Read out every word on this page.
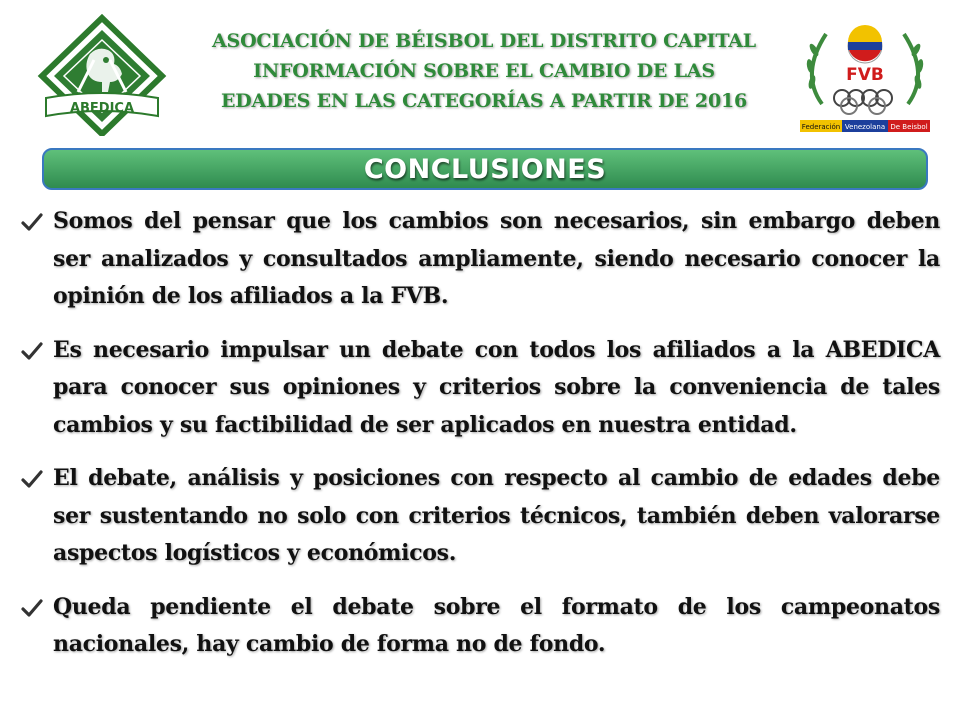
ABEDICA
ASOCIACIÓN DE BÉISBOL DEL DISTRITO CAPITAL
INFORMACIÓN SOBRE EL CAMBIO DE LAS
EDADES EN LAS CATEGORÍAS A PARTIR DE 2016
FVB
Federación Venezolana De Beisbol
CONCLUSIONES

Somos del pensar que los cambios son necesarios, sin embargo deben ser analizados y consultados ampliamente, siendo necesario conocer la opinión de los afiliados a la FVB.

Es necesario impulsar un debate con todos los afiliados a la ABEDICA para conocer sus opiniones y criterios sobre la conveniencia de tales cambios y su factibilidad de ser aplicados en nuestra entidad.

El debate, análisis y posiciones con respecto al cambio de edades debe ser sustentando no solo con criterios técnicos, también deben valorarse aspectos logísticos y económicos.

Queda pendiente el debate sobre el formato de los campeonatos nacionales, hay cambio de forma no de fondo.
